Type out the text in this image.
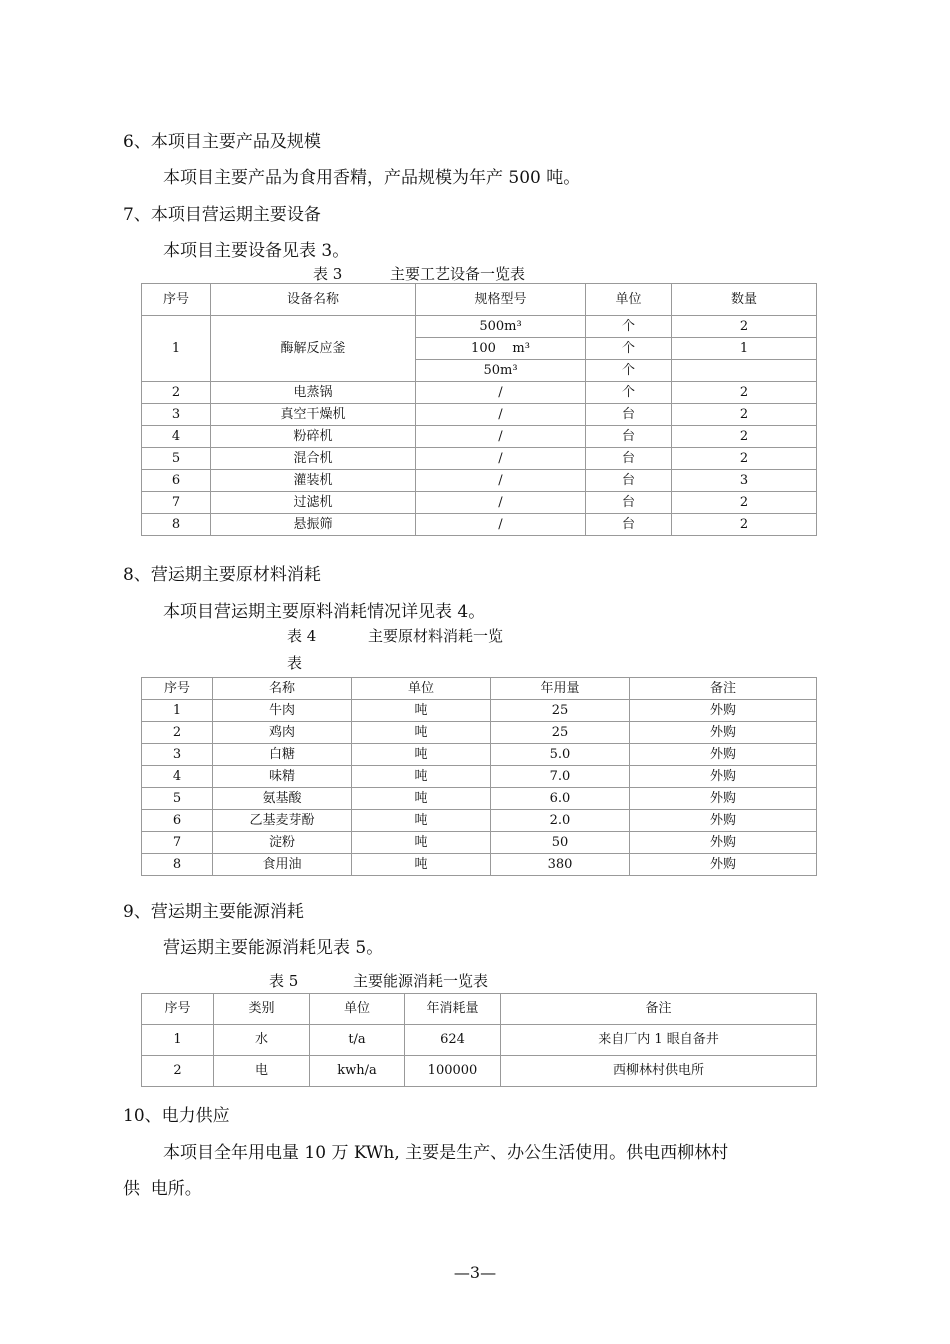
6、本项目主要产品及规模
本项目主要产品为食用香精，产品规模为年产 500 吨。
7、本项目营运期主要设备
本项目主要设备见表 3。
表 3	主要工艺设备一览表
序号	设备名称	规格型号	单位	数量
1	酶解反应釜	500m³	个	2
		100    m³	个	1
		50m³	个	
2	电蒸锅	/	个	2
3	真空干燥机	/	台	2
4	粉碎机	/	台	2
5	混合机	/	台	2
6	灌装机	/	台	3
7	过滤机	/	台	2
8	悬振筛	/	台	2
8、营运期主要原材料消耗
本项目营运期主要原料消耗情况详见表 4。
表 4	主要原材料消耗一览
表
序号	名称	单位	年用量	备注
1	牛肉	吨	25	外购
2	鸡肉	吨	25	外购
3	白糖	吨	5.0	外购
4	味精	吨	7.0	外购
5	氨基酸	吨	6.0	外购
6	乙基麦芽酚	吨	2.0	外购
7	淀粉	吨	50	外购
8	食用油	吨	380	外购
9、营运期主要能源消耗
营运期主要能源消耗见表 5。
表 5	主要能源消耗一览表
序号	类别	单位	年消耗量	备注
1	水	t/a	624	来自厂内 1 眼自备井
2	电	kwh/a	100000	西柳林村供电所
10、电力供应
本项目全年用电量 10 万 KWh, 主要是生产、办公生活使用。供电西柳林村
供  电所。
—3—
